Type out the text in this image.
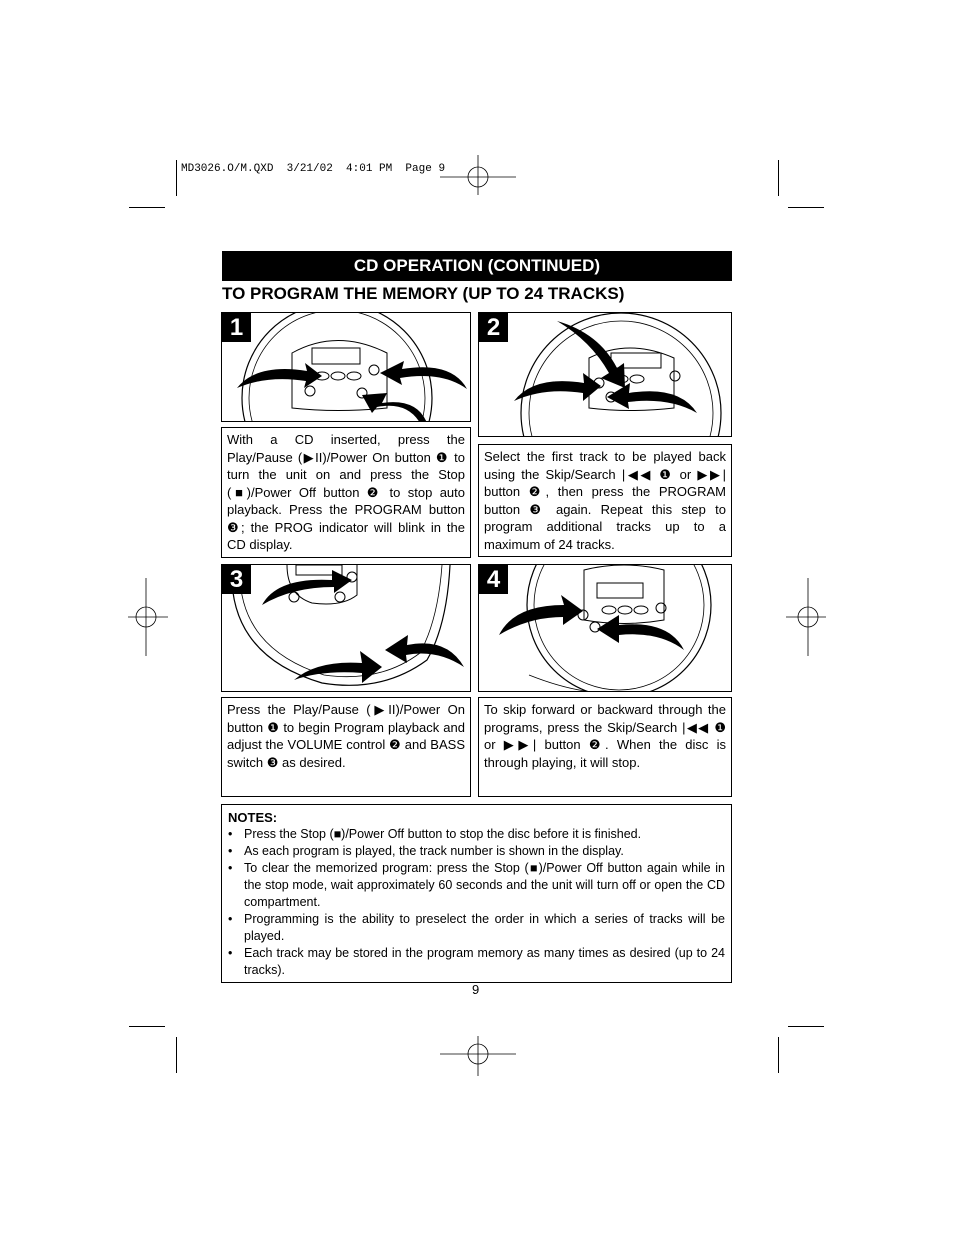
MD3026.O/M.QXD  3/21/02  4:01 PM  Page 9
CD OPERATION (CONTINUED)
TO PROGRAM THE MEMORY (UP TO 24 TRACKS)
1
With a CD inserted, press the Play/Pause (▶II)/Power On button ❶ to turn the unit on and press the Stop (■)/Power Off button ❷ to stop auto playback. Press the PROGRAM button ❸; the PROG indicator will blink in the CD display.
2
Select the first track to be played back using the Skip/Search |◀◀ ❶ or ▶▶| button ❷, then press the PROGRAM button ❸ again. Repeat this step to program additional tracks up to a maximum of 24 tracks.
3
Press the Play/Pause (▶II)/Power On button ❶ to begin Program playback and adjust the VOLUME control ❷ and BASS switch ❸ as desired.
4
To skip forward or backward through the programs, press the Skip/Search |◀◀ ❶ or ▶▶| button ❷. When the disc is through playing, it will stop.
NOTES:
• Press the Stop (■)/Power Off button to stop the disc before it is finished.
• As each program is played, the track number is shown in the display.
• To clear the memorized program: press the Stop (■)/Power Off button again while in the stop mode, wait approximately 60 seconds and the unit will turn off or open the CD compartment.
• Programming is the ability to preselect the order in which a series of tracks will be played.
• Each track may be stored in the program memory as many times as desired (up to 24 tracks).
9
